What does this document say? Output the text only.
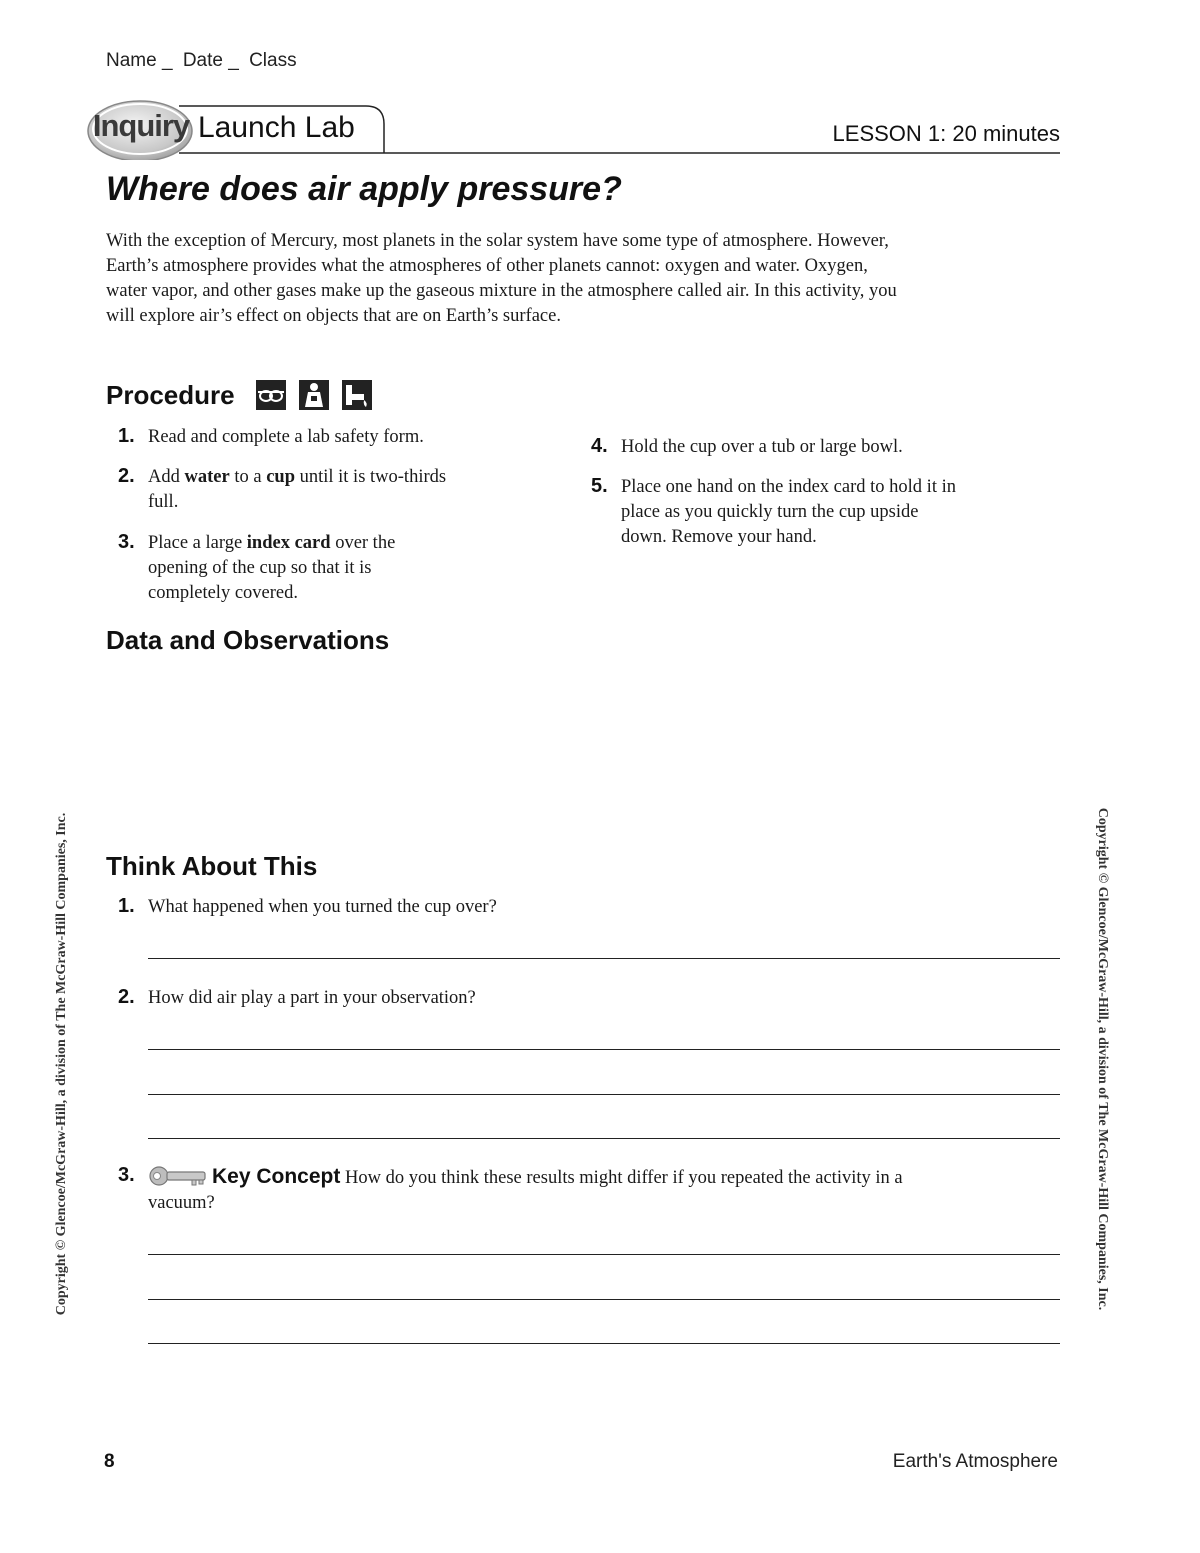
Name _ Date _ Class
Inquiry Launch Lab	LESSON 1: 20 minutes
Where does air apply pressure?

With the exception of Mercury, most planets in the solar system have some type of atmosphere. However, Earth’s atmosphere provides what the atmospheres of other planets cannot: oxygen and water. Oxygen, water vapor, and other gases make up the gaseous mixture in the atmosphere called air. In this activity, you will explore air’s effect on objects that are on Earth’s surface.

Procedure

1. Read and complete a lab safety form.
2. Add water to a cup until it is two-thirds full.
3. Place a large index card over the opening of the cup so that it is completely covered.
4. Hold the cup over a tub or large bowl.
5. Place one hand on the index card to hold it in place as you quickly turn the cup upside down. Remove your hand.
Data and Observations
Think About This
1. What happened when you turned the cup over?
2. How did air play a part in your observation?
3.	Key Concept How do you think these results might differ if you repeated the activity in a vacuum?
Copyright © Glencoe/McGraw-Hill, a division of The McGraw-Hill Companies, Inc.	Copyright © Glencoe/McGraw-Hill, a division of The McGraw-Hill Companies, Inc.
8	Earth's Atmosphere
